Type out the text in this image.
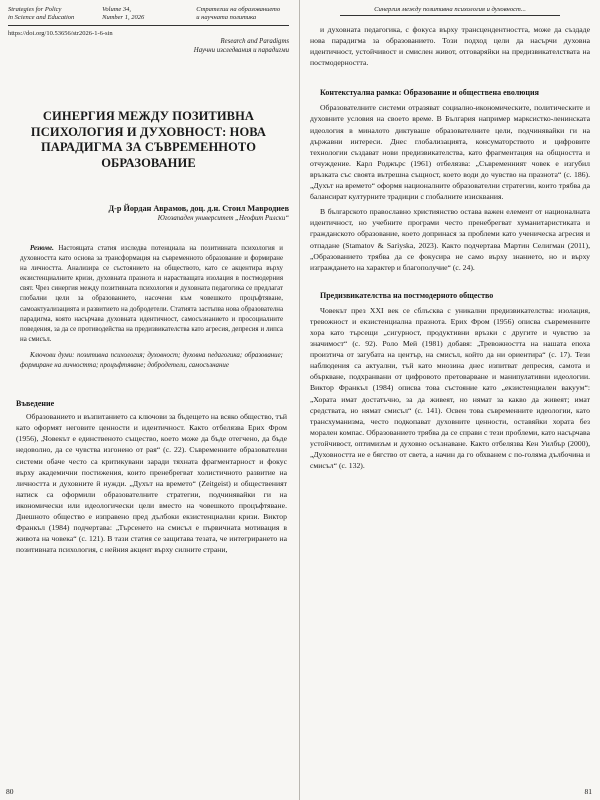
Strategies for Policy
in Science and Education
Volume 34,
Number 1, 2026
Стратегии на образованието
и научната политика
https://doi.org/10.53656/str2026-1-6-sin
Research and Paradigms
Научни изследвания и парадигми
СИНЕРГИЯ МЕЖДУ ПОЗИТИВНА ПСИХОЛОГИЯ И ДУХОВНОСТ: НОВА ПАРАДИГМА ЗА СЪВРЕМЕННОТО ОБРАЗОВАНИЕ
Д-р Йордан Аврамов, доц. д.н. Стоил Мавродиев
Югозападен университет „Неофит Рилски“
Резюме. Настоящата статия изследва потенциала на позитивната психология и духовността като основа за трансформация на съвременното образование и формиране на личността. Анализира се състоянието на обществото, като се акцентира върху екзистенциалните кризи, духовната празнота и нарастващата изолация в постмодерния свят. Чрез синергия между позитивната психология и духовната педагогика се предлагат глобални цели за образованието, насочени към човешкото процъфтяване, самоактуализацията и развитието на добродетели. Статията застъпва нова образователна парадигма, която насърчава духовната идентичност, самосъзнанието и просоциалните поведения, за да се противодейства на предизвикателства като агресия, депресия и липса на смисъл.
Ключови думи: позитивна психология; духовност; духовна педагогика; образование; формиране на личността; процъфтяване; добродетели, самосъзнание
Въведение

Образованието и възпитанието са ключови за бъдещето на всяко общество, тъй като оформят неговите ценности и идентичност. Както отбелязва Ерих Фром (1956), „Човекът е единственото същество, което може да бъде отегчено, да бъде недоволно, да се чувства изгонено от рая“ (с. 22). Съвременните образователни системи обаче често са критикувани заради тяхната фрагментарност и фокус върху академични постижения, които пренебрегват холистичното развитие на личността и духовните й нужди. „Духът на времето“ (Zeitgeist) и общественият натиск са оформили образователните стратегии, подчинявайки ги на икономически или идеологически цели вместо на човешкото процъфтяване. Днешното общество е изправено пред дълбоки екзистенциални кризи. Виктор Франкъл (1984) подчертава: „Търсенето на смисъл е първичната мотивация в живота на човека“ (с. 121). В тази статия се защитава тезата, че интегрирането на позитивната психология, с нейния акцент върху силните страни,

80
Синергия между позитивна психология и духовност...

и духовната педагогика, с фокуса върху трансцендентността, може да създаде нова парадигма за образованието. Този подход цели да насърчи духовна идентичност, устойчивост и смислен живот, отговаряйки на предизвикателствата на постмодерността.

Контекстуална рамка: Образование и обществена еволюция

Образователните системи отразяват социално-икономическите, политическите и духовните условия на своето време. В България например марксистко-ленинската идеология в миналото диктуваше образователните цели, подчинявайки ги на държавни интереси. Днес глобализацията, консуматорството и цифровите технологии създават нови предизвикателства, като фрагментация на общността и отчуждение. Карл Роджърс (1961) отбелязва: „Съвременният човек е изгубил връзката със своята вътрешна същност, което води до чувство на празнота“ (с. 186). „Духът на времето“ оформя националните образователни стратегии, които трябва да балансират културните традиции с глобалните изисквания.

В българското православно християнство остава важен елемент от националната идентичност, но учебните програми често пренебрегват хуманитаристиката и гражданското образование, което допринася за проблеми като ученическа агресия и отпадане (Stamatov & Sariyska, 2023). Както подчертава Мартин Селигман (2011), „Образованието трябва да се фокусира не само върху знанието, но и върху изграждането на характер и благополучие“ (с. 24).

Предизвикателства на постмодерното общество

Човекът през XXI век се сблъсква с уникални предизвикателства: изолация, тревожност и екзистенциална празнота. Ерих Фром (1956) описва съвременните хора като търсещи „сигурност, продуктивни връзки с другите и чувство за значимост“ (с. 92). Ролo Мей (1981) добавя: „Тревожността на нашата епоха произтича от загубата на център, на смисъл, който да ни ориентира“ (с. 17). Тези наблюдения са актуални, тъй като мнозина днес изпитват депресия, самота и объркване, подхранвани от цифровото претоварване и манипулативни идеологии. Виктор Франкъл (1984) описва това състояние като „екзистенциален вакуум“: „Хората имат достатъчно, за да живеят, но нямат за какво да живеят; имат средствата, но нямат смисъл“ (с. 141). Освен това съвременните идеологии, като трансхуманизма, често подкопават духовните ценности, оставяйки хората без морален компас. Образованието трябва да се справи с тези проблеми, като насърчава устойчивост, оптимизъм и духовно осъзнаване. Както отбелязва Кен Уилбър (2000), „Духовността не е бягство от света, а начин да го обхванем с по-голяма дълбочина и смисъл“ (с. 132).

81
